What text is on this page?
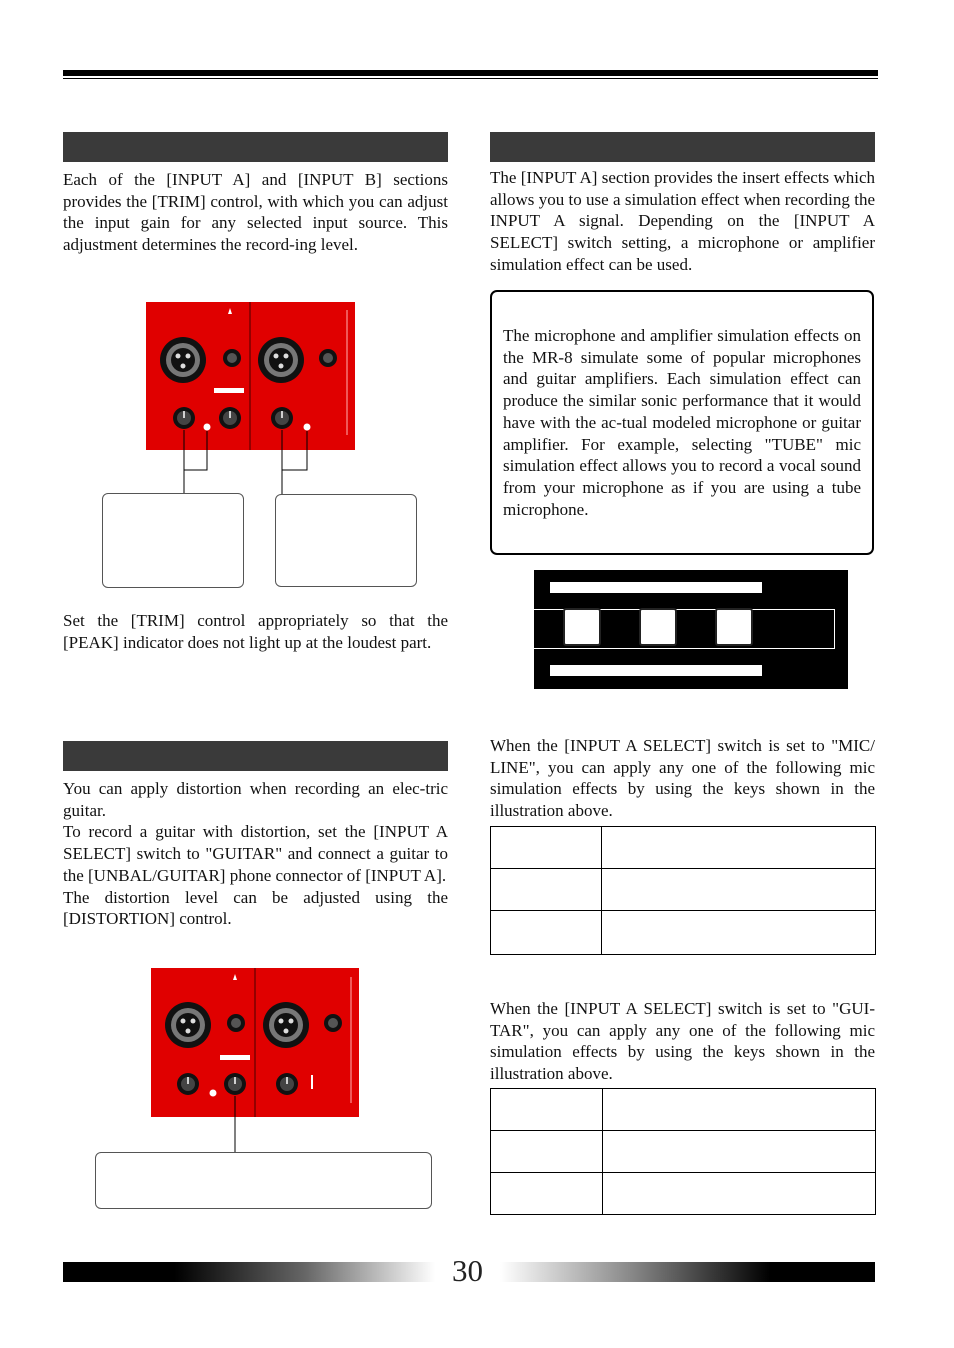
Each of the [INPUT A] and [INPUT B] sections provides the [TRIM] control, with which you can adjust the input gain for any selected input source. This adjustment determines the record-ing level.
Set the [TRIM] control appropriately so that the [PEAK] indicator does not light up at the loudest part.
You can apply distortion when recording an elec-tric guitar.
To record a guitar with distortion, set the [INPUT A SELECT] switch to "GUITAR" and connect a guitar to the [UNBAL/GUITAR] phone connector of [INPUT A].
The distortion level can be adjusted using the [DISTORTION] control.
The [INPUT A] section provides the insert effects which allows you to use a simulation effect when recording the INPUT A signal. Depending on the [INPUT A SELECT] switch setting, a microphone or amplifier simulation effect can be used.
The microphone and amplifier simulation effects on the MR-8 simulate some of popular microphones and guitar amplifiers. Each simulation effect can produce the similar sonic performance that it would have with the ac-tual modeled microphone or guitar amplifier. For example, selecting "TUBE" mic simulation effect allows you to record a vocal sound from your microphone as if you are using a tube microphone.
When the [INPUT A SELECT] switch is set to "MIC/ LINE", you can apply any one of the following mic simulation effects by using the keys shown in the illustration above.

When the [INPUT A SELECT] switch is set to "GUI-TAR", you can apply any one of the following mic simulation effects by using the keys shown in the illustration above.

30
